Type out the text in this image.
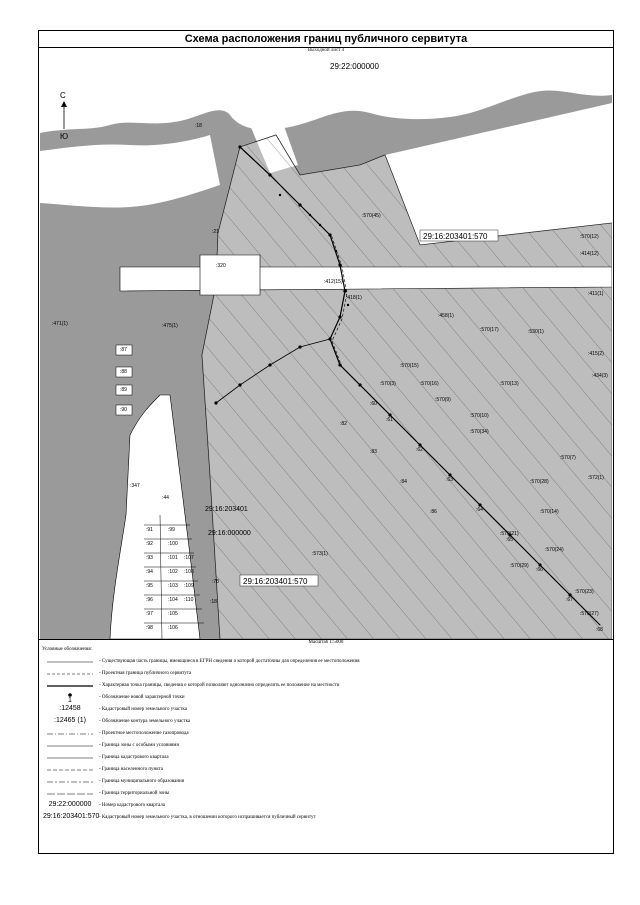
Схема расположения границ публичного сервитута
Выходной лист 4
С
Ю
29:22:000000
29:16:203401:570
29:16:203401:570
29:16:203401
29:16:000000
:18
:21
:320
:471(1)	:475(1)
:570(45)
:570(12)
:414(12)
:411(1)
:412(15)
:418(1)
:458(1)
:530(1)
:570(17)
:570(13)
:570(15)
:570(16)
:570(3)
:570(10)
:570(34)
:570(28)
:570(9)
:570(14)
:570(24)
:570(21)
:570(23)
:570(29)
:570(27)
:570(7)
:572(1)
:415(2)
:434(3)
:573(1)
:82
:83
:84
:86
:87
:88
:89
:90
:91
:92
:93
:94
:95
:96
:97
:98
:99
:100
:101
:102
:103
:104
:105
:106
:107
:108
:109
:110
:78
:60
:61
:62
:63
:64
:65
:66
:67
:68
:44
:347
:18
Масштаб 1:5000
Условные обозначения:
- Существующая часть границы, имеющиеся в ЕГРН сведения о которой достаточны для определения ее местоположения
- Проектная граница публичного сервитута
- Характерная точка границы, сведения о которой позволяют однозначно определить ее положение на местности
1	- Обозначение новой характерной точки
:12458	- Кадастровый номер земельного участка
:12465 (1)	- Обозначение контура земельного участка
- Проектное местоположение газопровода
- Граница зоны с особыми условиями
- Граница кадастрового квартала
- Граница населенного пункта
- Граница муниципального образования
- Граница территориальной зоны
29:22:000000	- Номер кадастрового квартала
29:16:203401:570 - Кадастровый номер земельного участка, в отношении которого испрашивается публичный сервитут
